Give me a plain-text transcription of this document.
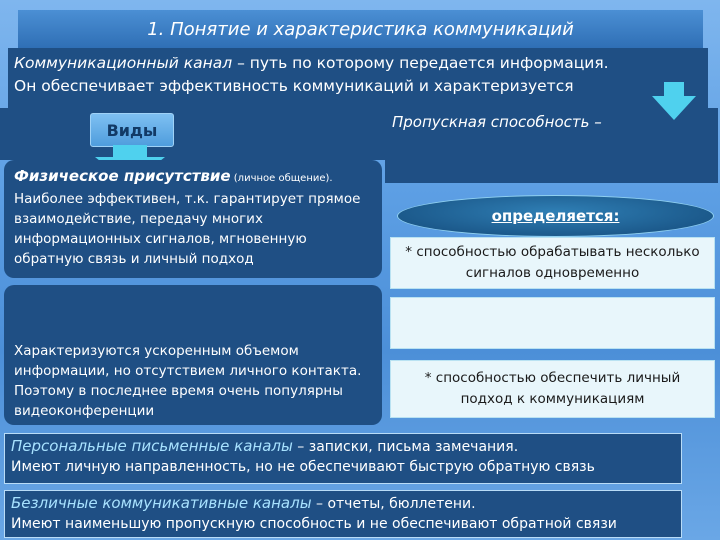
1. Понятие и характеристика коммуникаций
Коммуникационный канал – путь по которому передается информация.
Он обеспечивает эффективность коммуникаций и характеризуется
Пропускная способность –
Виды
Физическое присутствие (личное общение).
Наиболее эффективен, т.к. гарантирует прямое взаимодействие, передачу многих информационных сигналов, мгновенную обратную связь и личный подход
Характеризуются ускоренным объемом информации, но отсутствием личного контакта. Поэтому в последнее время очень популярны видеоконференции
определяется:
* способностью обрабатывать несколько сигналов одновременно
* способностью обеспечить личный подход к коммуникациям
Персональные письменные каналы – записки, письма замечания.
Имеют личную направленность, но не обеспечивают быструю обратную связь
Безличные коммуникативные каналы – отчеты, бюллетени.
Имеют наименьшую пропускную способность и не обеспечивают обратной связи
